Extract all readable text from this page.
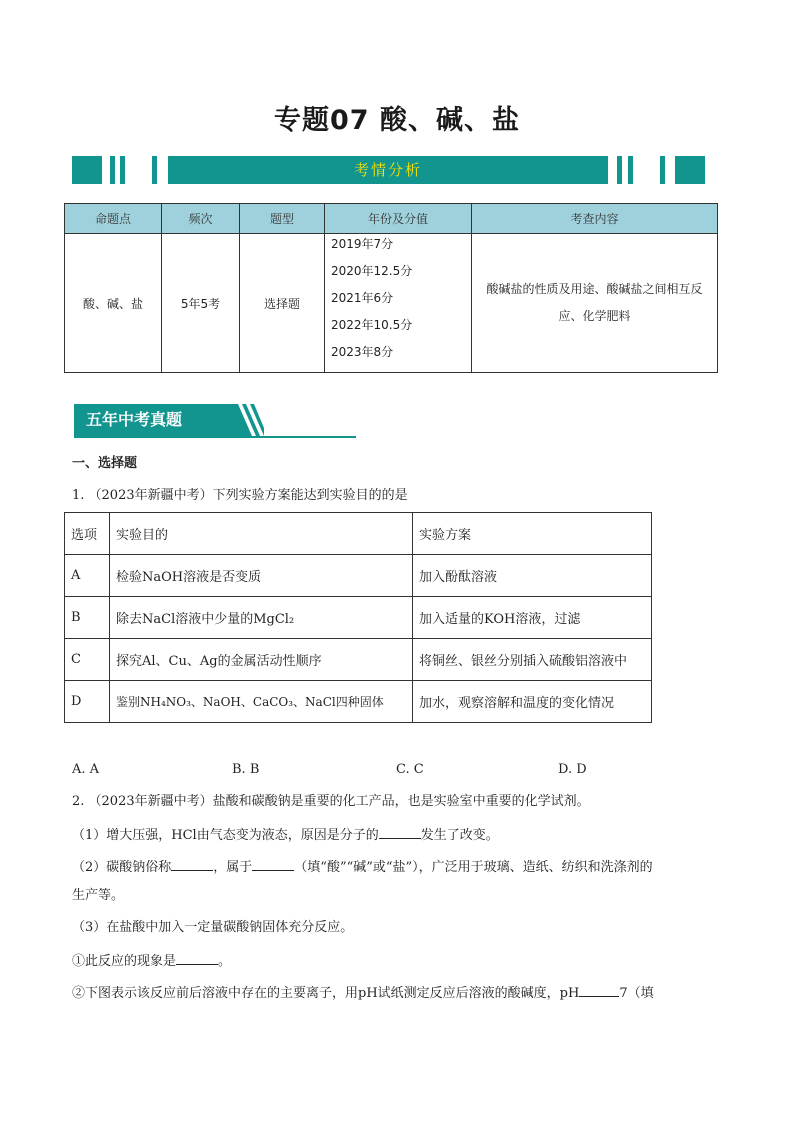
专题07 酸、碱、盐
考情分析
命题点	频次	题型	年份及分值	考查内容
酸、碱、盐	5年5考	选择题	2019年7分
2020年12.5分
2021年6分
2022年10.5分
2023年8分	酸碱盐的性质及用途、酸碱盐之间相互反应、化学肥料
五年中考真题
一、选择题
1. （2023年新疆中考）下列实验方案能达到实验目的的是
选项	实验目的	实验方案
A	检验NaOH溶液是否变质	加入酚酞溶液
B	除去NaCl溶液中少量的MgCl₂	加入适量的KOH溶液，过滤
C	探究Al、Cu、Ag的金属活动性顺序	将铜丝、银丝分别插入硫酸铝溶液中
D	鉴别NH₄NO₃、NaOH、CaCO₃、NaCl四种固体	加水，观察溶解和温度的变化情况
A. A	B. B	C. C	D. D
2. （2023年新疆中考）盐酸和碳酸钠是重要的化工产品，也是实验室中重要的化学试剂。
（1）增大压强，HCl由气态变为液态，原因是分子的	发生了改变。
（2）碳酸钠俗称	，属于	（填“酸”“碱”或“盐”），广泛用于玻璃、造纸、纺织和洗涤剂的
生产等。
（3）在盐酸中加入一定量碳酸钠固体充分反应。
①此反应的现象是	。
②下图表示该反应前后溶液中存在的主要离子，用pH试纸测定反应后溶液的酸碱度，pH	7（填
